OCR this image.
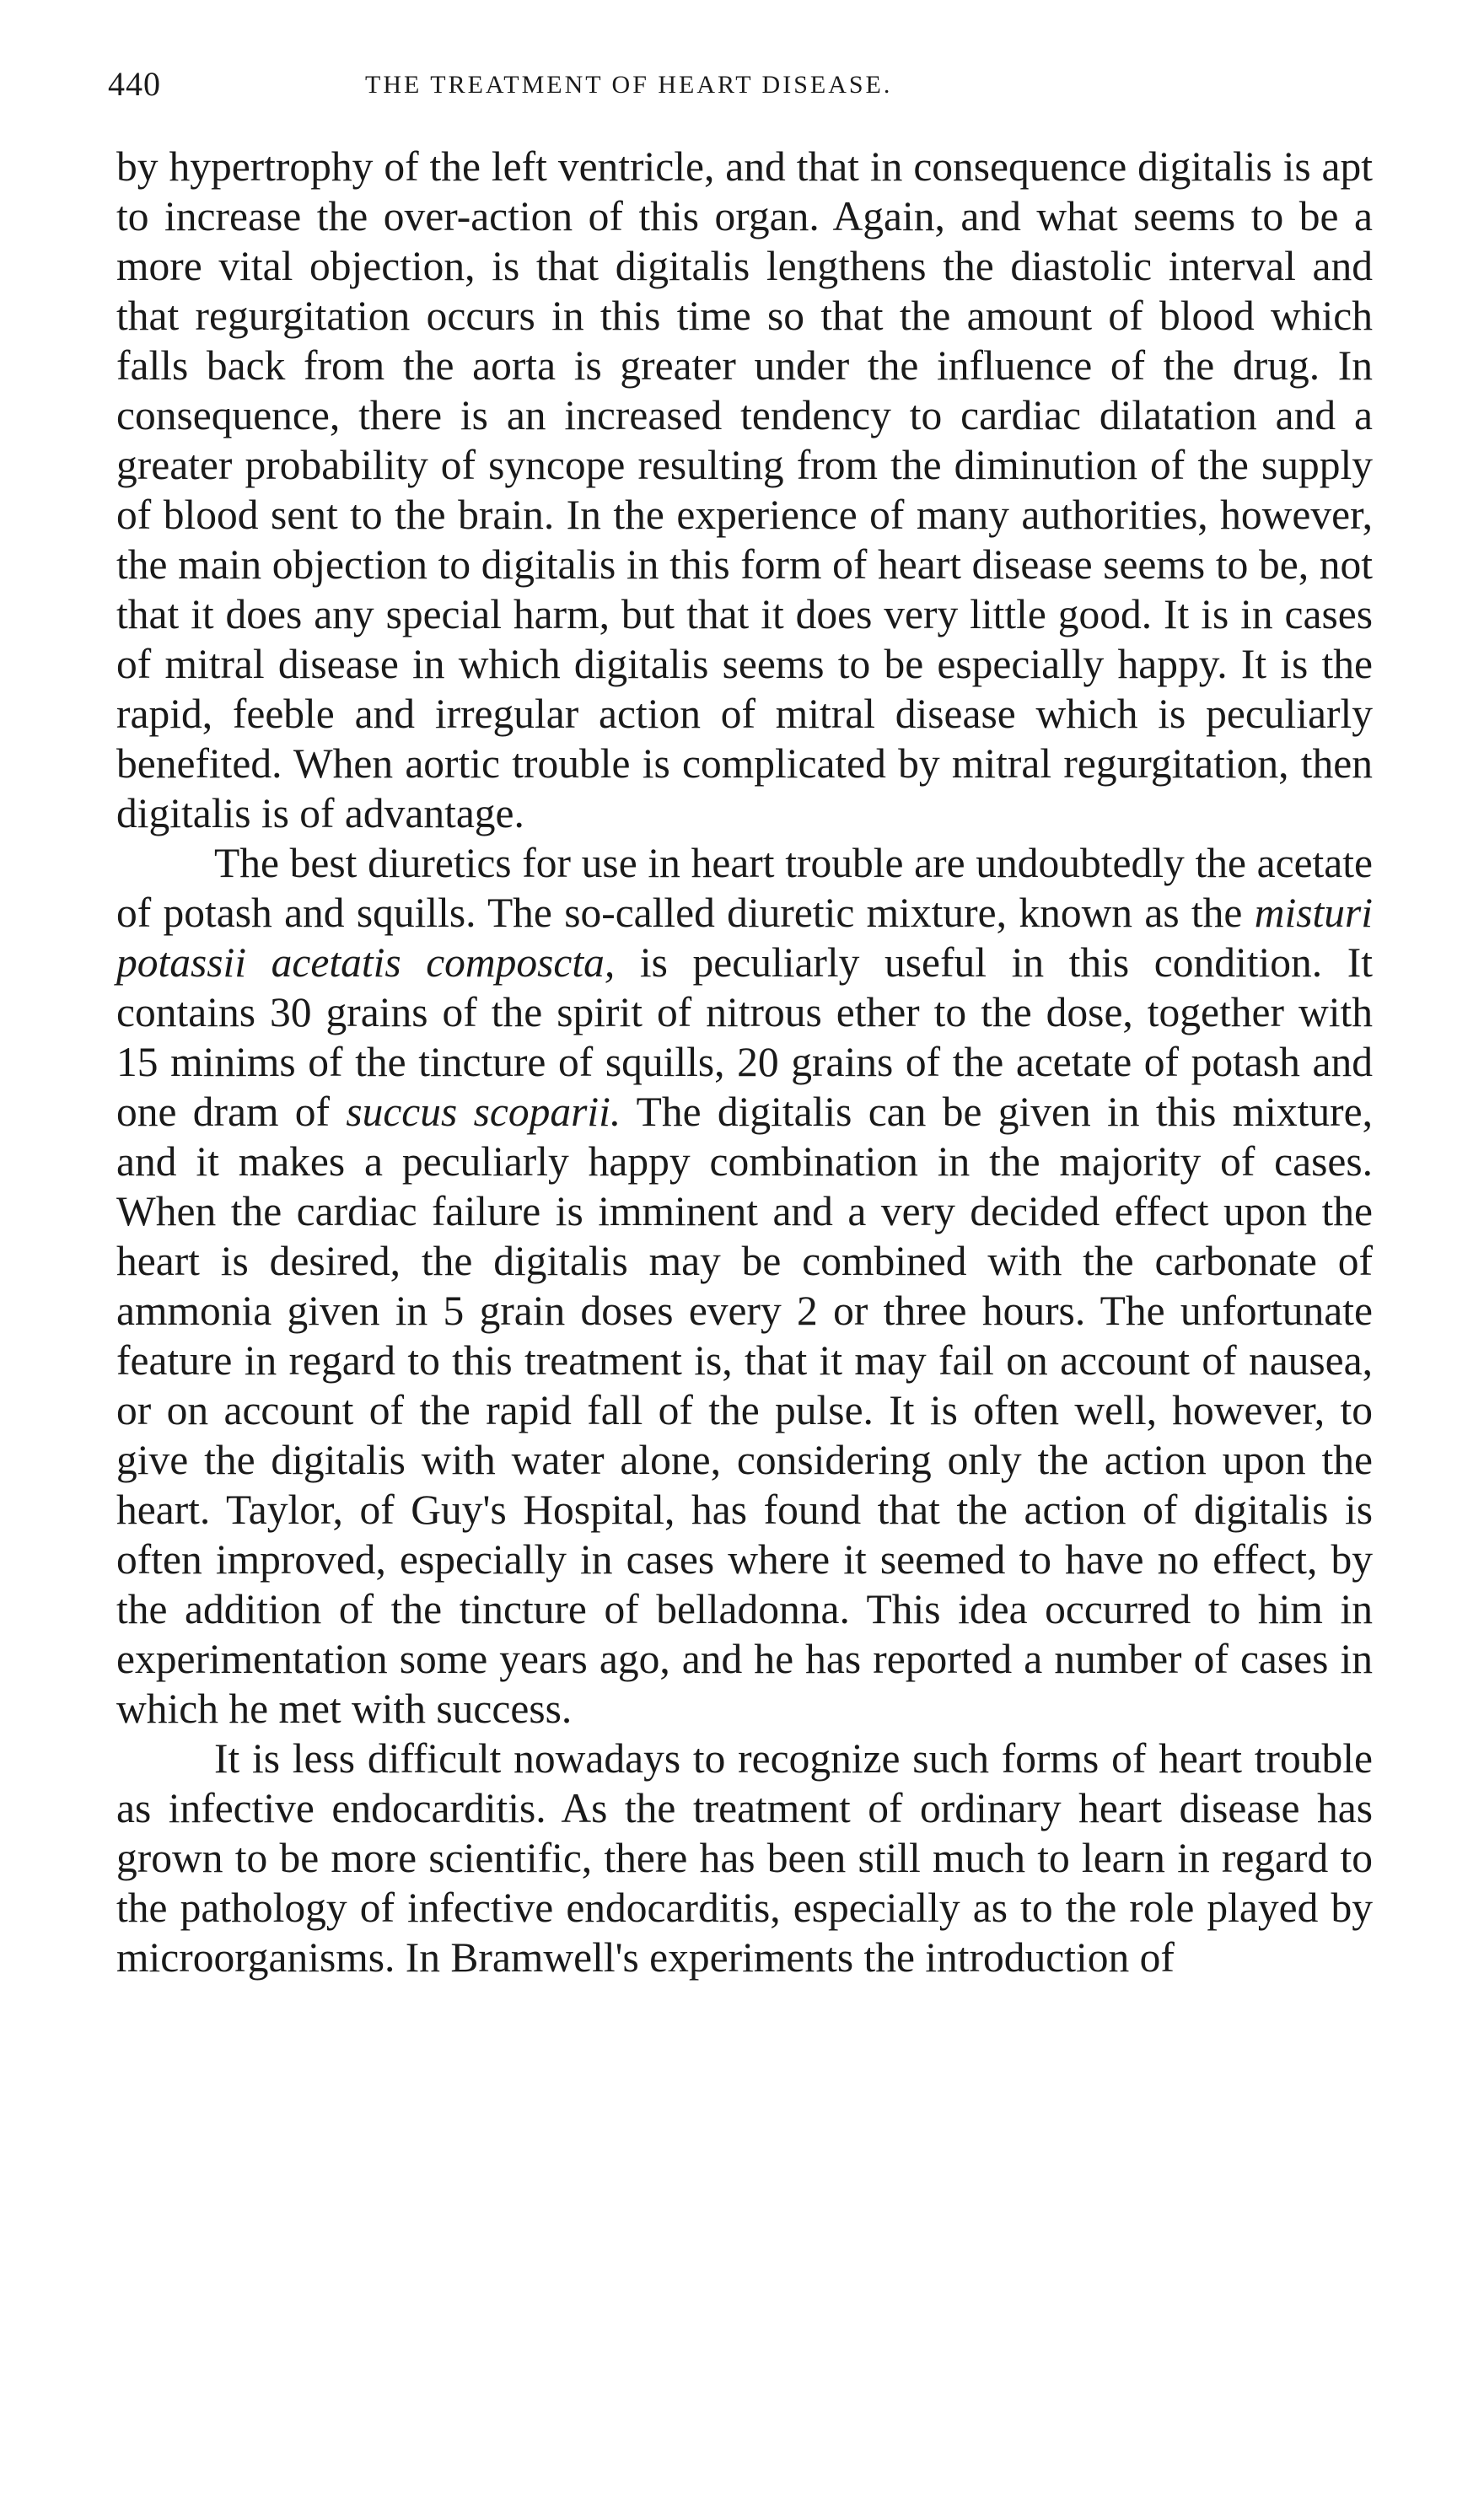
440	THE TREATMENT OF HEART DISEASE.

by hypertrophy of the left ventricle, and that in consequence digitalis is apt to increase the over-action of this organ. Again, and what seems to be a more vital objection, is that digitalis lengthens the diastolic interval and that regurgitation occurs in this time so that the amount of blood which falls back from the aorta is greater under the influence of the drug. In consequence, there is an increased tendency to cardiac dilatation and a greater probability of syncope resulting from the diminution of the supply of blood sent to the brain. In the experience of many authorities, however, the main objection to digitalis in this form of heart disease seems to be, not that it does any special harm, but that it does very little good. It is in cases of mitral disease in which digitalis seems to be especially happy. It is the rapid, feeble and irregular action of mitral disease which is peculiarly benefited. When aortic trouble is complicated by mitral regurgitation, then digitalis is of advantage.

The best diuretics for use in heart trouble are undoubtedly the acetate of potash and squills. The so-called diuretic mixture, known as the misturi potassii acetatis composcta, is peculiarly useful in this condition. It contains 30 grains of the spirit of nitrous ether to the dose, together with 15 minims of the tincture of squills, 20 grains of the acetate of potash and one dram of succus scoparii. The digitalis can be given in this mixture, and it makes a peculiarly happy combination in the majority of cases. When the cardiac failure is imminent and a very decided effect upon the heart is desired, the digitalis may be combined with the carbonate of ammonia given in 5 grain doses every 2 or three hours. The unfortunate feature in regard to this treatment is, that it may fail on account of nausea, or on account of the rapid fall of the pulse. It is often well, however, to give the digitalis with water alone, considering only the action upon the heart. Taylor, of Guy's Hospital, has found that the action of digitalis is often improved, especially in cases where it seemed to have no effect, by the addition of the tincture of belladonna. This idea occurred to him in experimentation some years ago, and he has reported a number of cases in which he met with success.

It is less difficult nowadays to recognize such forms of heart trouble as infective endocarditis. As the treatment of ordinary heart disease has grown to be more scientific, there has been still much to learn in regard to the pathology of infective endocarditis, especially as to the role played by microorganisms. In Bramwell's experiments the introduction of
